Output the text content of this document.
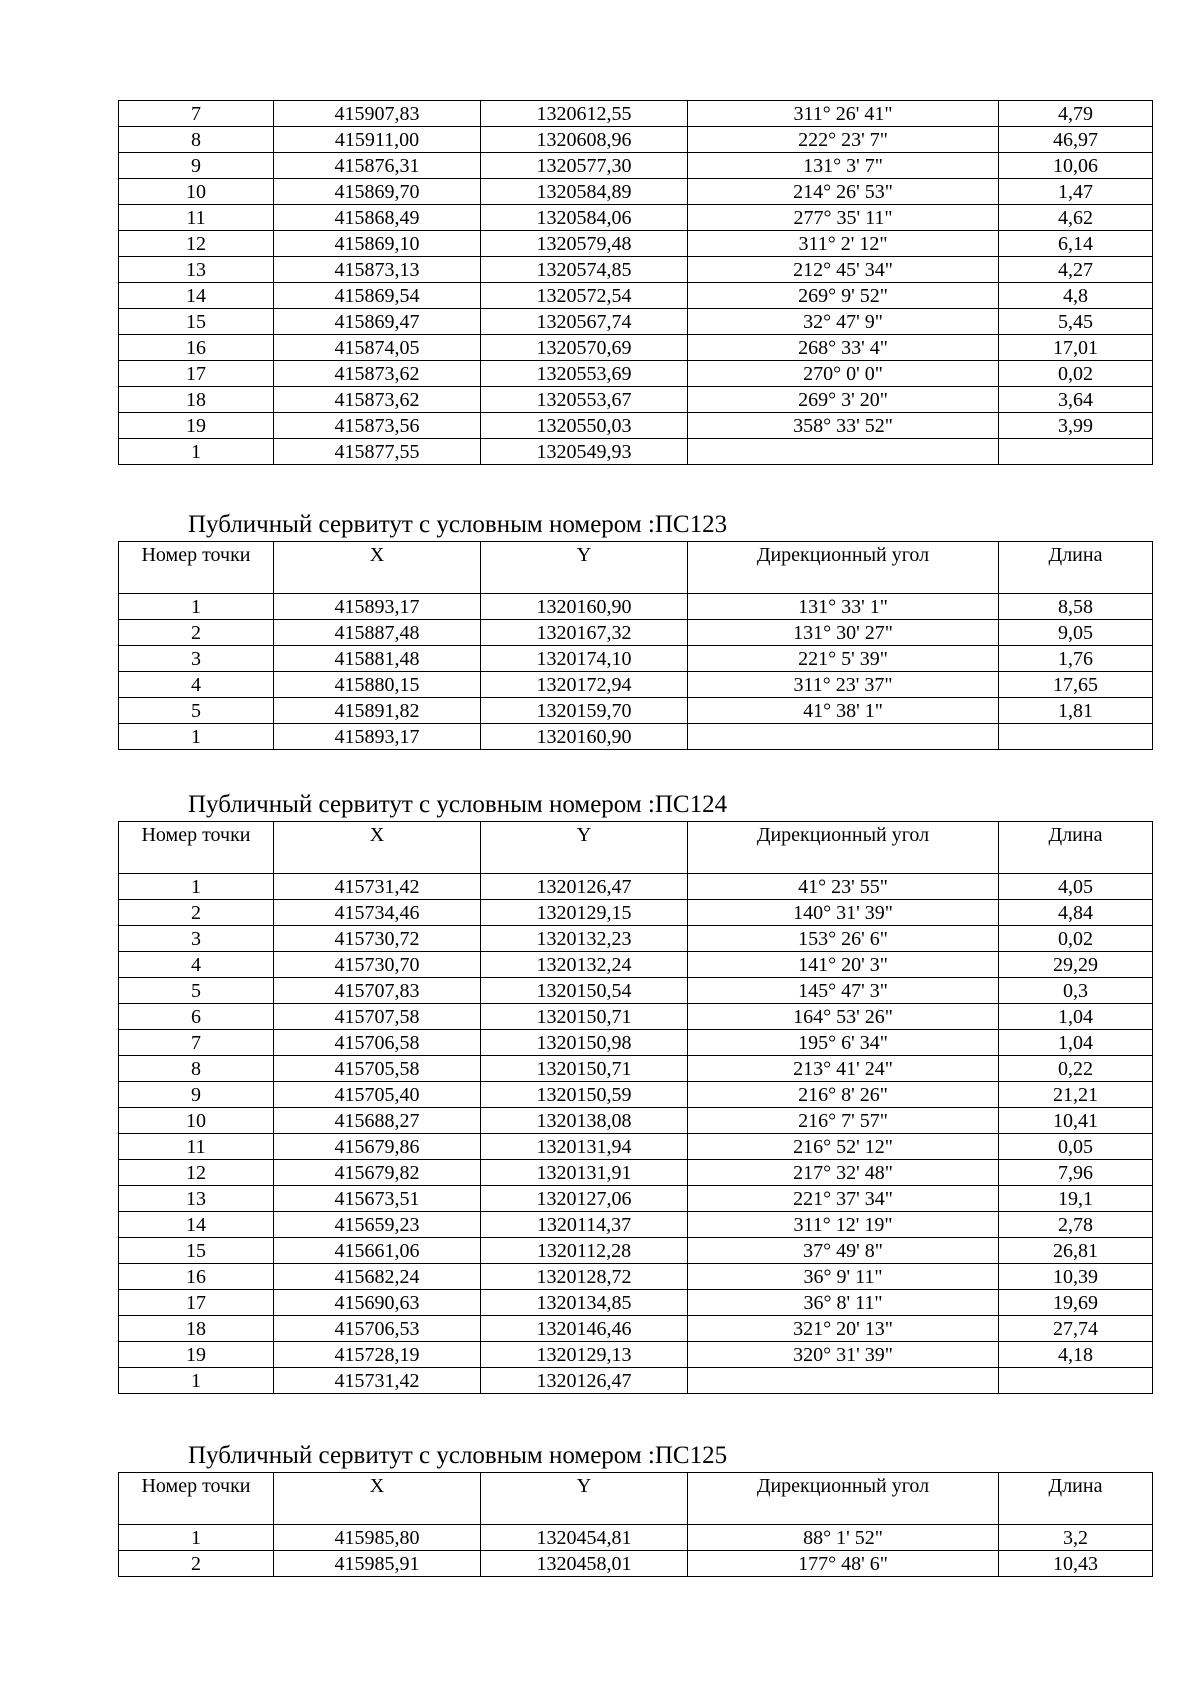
7	415907,83	1320612,55	311° 26' 41"	4,79
8	415911,00	1320608,96	222° 23' 7"	46,97
9	415876,31	1320577,30	131° 3' 7"	10,06
10	415869,70	1320584,89	214° 26' 53"	1,47
11	415868,49	1320584,06	277° 35' 11"	4,62
12	415869,10	1320579,48	311° 2' 12"	6,14
13	415873,13	1320574,85	212° 45' 34"	4,27
14	415869,54	1320572,54	269° 9' 52"	4,8
15	415869,47	1320567,74	32° 47' 9"	5,45
16	415874,05	1320570,69	268° 33' 4"	17,01
17	415873,62	1320553,69	270° 0' 0"	0,02
18	415873,62	1320553,67	269° 3' 20"	3,64
19	415873,56	1320550,03	358° 33' 52"	3,99
1	415877,55	1320549,93		
Публичный сервитут с условным номером :ПС123
Номер точки	X	Y	Дирекционный угол	Длина
1	415893,17	1320160,90	131° 33' 1"	8,58
2	415887,48	1320167,32	131° 30' 27"	9,05
3	415881,48	1320174,10	221° 5' 39"	1,76
4	415880,15	1320172,94	311° 23' 37"	17,65
5	415891,82	1320159,70	41° 38' 1"	1,81
1	415893,17	1320160,90		
Публичный сервитут с условным номером :ПС124
Номер точки	X	Y	Дирекционный угол	Длина
1	415731,42	1320126,47	41° 23' 55"	4,05
2	415734,46	1320129,15	140° 31' 39"	4,84
3	415730,72	1320132,23	153° 26' 6"	0,02
4	415730,70	1320132,24	141° 20' 3"	29,29
5	415707,83	1320150,54	145° 47' 3"	0,3
6	415707,58	1320150,71	164° 53' 26"	1,04
7	415706,58	1320150,98	195° 6' 34"	1,04
8	415705,58	1320150,71	213° 41' 24"	0,22
9	415705,40	1320150,59	216° 8' 26"	21,21
10	415688,27	1320138,08	216° 7' 57"	10,41
11	415679,86	1320131,94	216° 52' 12"	0,05
12	415679,82	1320131,91	217° 32' 48"	7,96
13	415673,51	1320127,06	221° 37' 34"	19,1
14	415659,23	1320114,37	311° 12' 19"	2,78
15	415661,06	1320112,28	37° 49' 8"	26,81
16	415682,24	1320128,72	36° 9' 11"	10,39
17	415690,63	1320134,85	36° 8' 11"	19,69
18	415706,53	1320146,46	321° 20' 13"	27,74
19	415728,19	1320129,13	320° 31' 39"	4,18
1	415731,42	1320126,47		
Публичный сервитут с условным номером :ПС125
Номер точки	X	Y	Дирекционный угол	Длина
1	415985,80	1320454,81	88° 1' 52"	3,2
2	415985,91	1320458,01	177° 48' 6"	10,43
